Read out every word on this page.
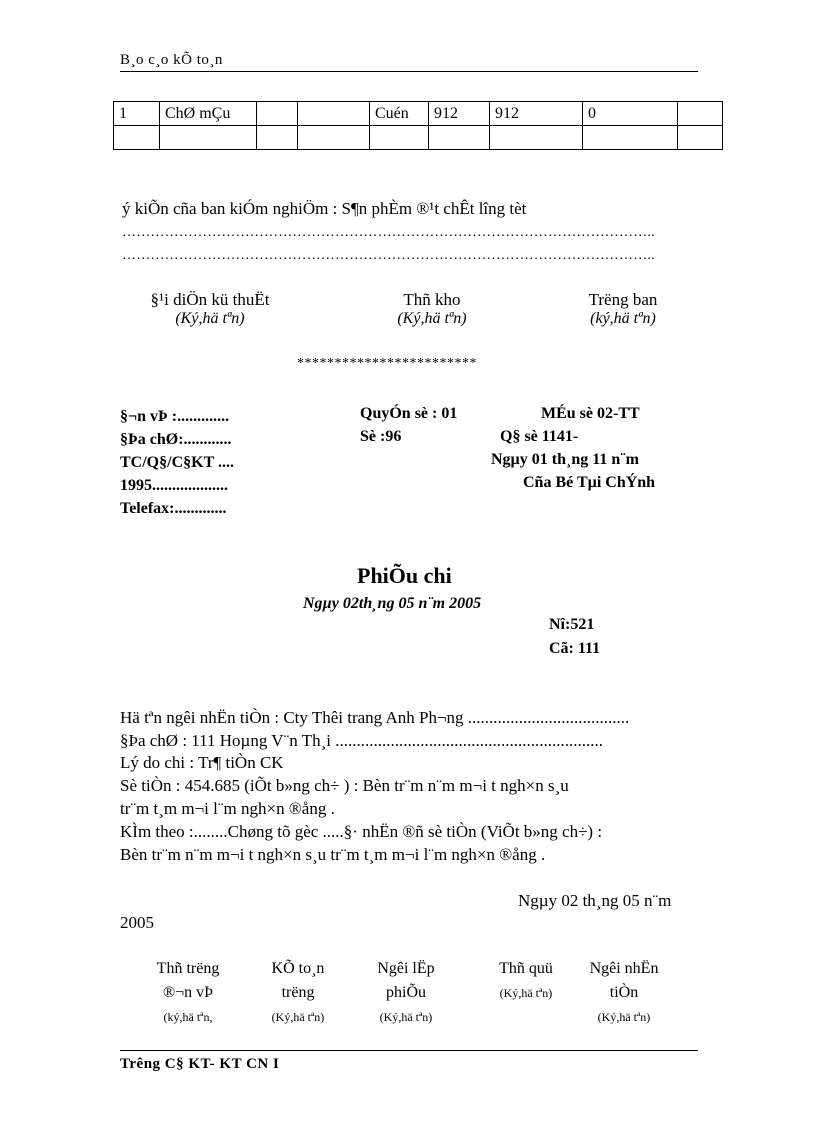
B¸o c¸o kÕ to¸n
1	ChØ mÇu			Cuén	912	912	0	

ý kiÕn cña ban kiÓm nghiÖm : S¶n phÈm ®¹t chÊt lîng tèt
…………………………………………………………………………………………………..
…………………………………………………………………………………………………..
§¹i diÖn kü thuËt
(Ký,hä tªn)
Thñ kho
(Ký,hä tªn)
Trëng ban
(ký,hä tªn)
************************
§¬n vÞ :.............
§Þa chØ:............
TC/Q§/C§KT ....
1995...................
Telefax:.............
QuyÓn sè : 01
Sè :96
MÉu sè 02-TT
Q§ sè 1141-
Ngµy 01 th¸ng 11 n¨m
Cña Bé Tµi ChÝnh
PhiÕu chi
Ngµy 02th¸ng 05 n¨m 2005
Nî:521
Cã: 111
Hä tªn ngêi nhËn tiÒn : Cty Thêi trang Anh Ph¬ng ......................................
§Þa chØ : 111 Hoµng V¨n Th¸i ...............................................................
Lý do chi : Tr¶ tiÒn CK
Sè tiÒn : 454.685 (iÕt b»ng ch÷ ) : Bèn tr¨m n¨m m¬i t ngh×n s¸u
tr¨m t¸m m¬i l¨m ngh×n ®ång .
KÌm theo :........Chøng tõ gèc .....§· nhËn ®ñ sè tiÒn (ViÕt b»ng ch÷) :
Bèn tr¨m n¨m m¬i t ngh×n s¸u tr¨m t¸m m¬i l¨m ngh×n ®ång .
Ngµy 02 th¸ng 05 n¨m
2005
Thñ trëng
®¬n vÞ
(ký,hä tªn,
KÕ to¸n
trëng
(Ký,hä tªn)
Ngêi lËp
phiÕu
(Ký,hä tªn)
Thñ quü
(Ký,hä tªn)
Ngêi nhËn
tiÒn
(Ký,hä tªn)
Trêng C§ KT- KT CN I
